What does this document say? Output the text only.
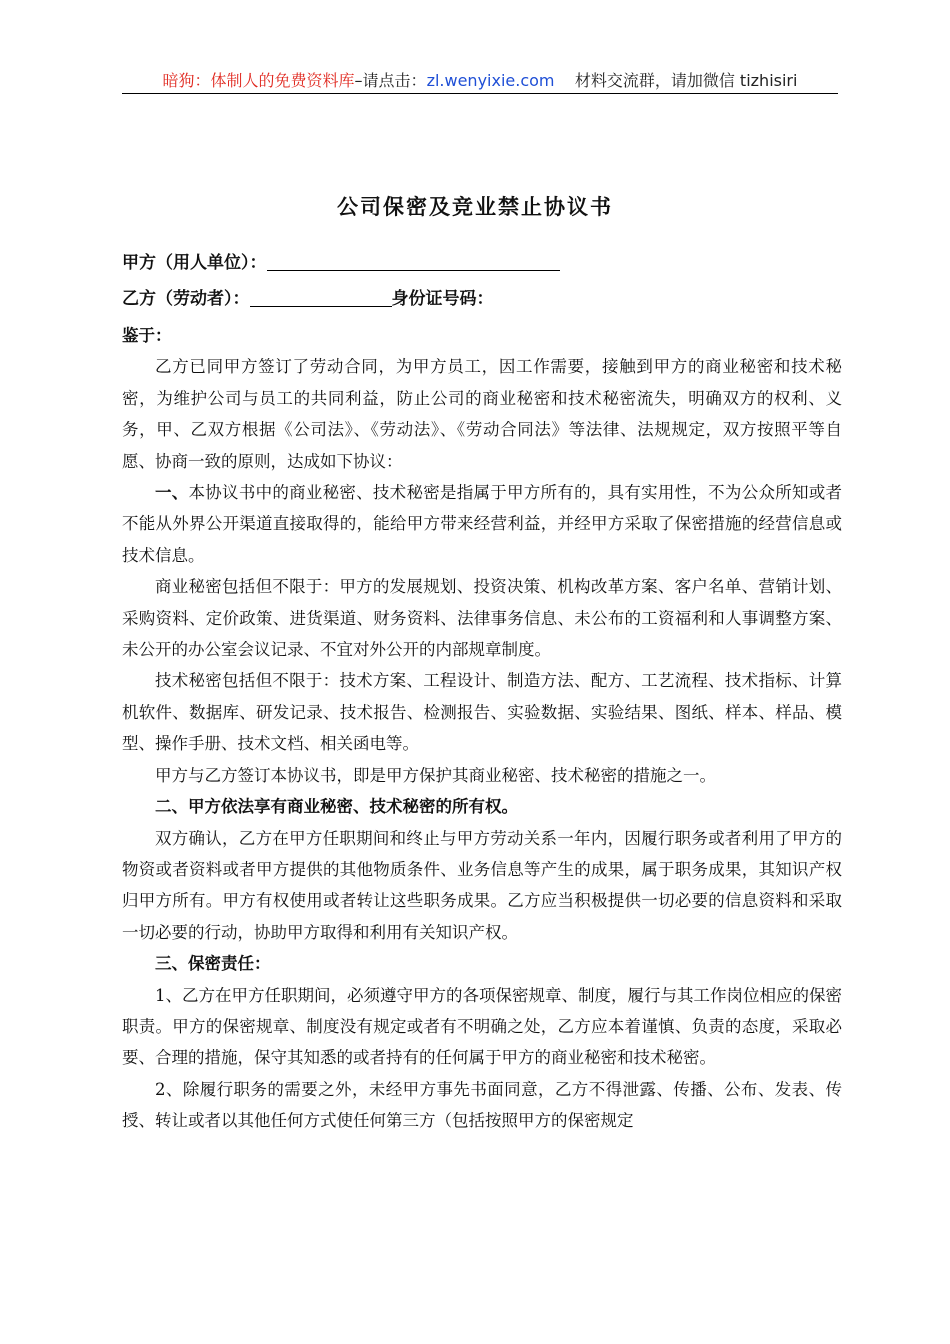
暗狗：体制人的免费资料库–请点击：zl.wenyixie.com 材料交流群，请加微信 tizhisiri
公司保密及竞业禁止协议书
甲方（用人单位）：
乙方（劳动者）：	身份证号码：

鉴于：

乙方已同甲方签订了劳动合同，为甲方员工，因工作需要，接触到甲方的商业秘密和技术秘密，为维护公司与员工的共同利益，防止公司的商业秘密和技术秘密流失，明确双方的权利、义务，甲、乙双方根据《公司法》、《劳动法》、《劳动合同法》等法律、法规规定，双方按照平等自愿、协商一致的原则，达成如下协议：

一、本协议书中的商业秘密、技术秘密是指属于甲方所有的，具有实用性，不为公众所知或者不能从外界公开渠道直接取得的，能给甲方带来经营利益，并经甲方采取了保密措施的经营信息或技术信息。

商业秘密包括但不限于：甲方的发展规划、投资决策、机构改革方案、客户名单、营销计划、采购资料、定价政策、进货渠道、财务资料、法律事务信息、未公布的工资福利和人事调整方案、未公开的办公室会议记录、不宜对外公开的内部规章制度。

技术秘密包括但不限于：技术方案、工程设计、制造方法、配方、工艺流程、技术指标、计算机软件、数据库、研发记录、技术报告、检测报告、实验数据、实验结果、图纸、样本、样品、模型、操作手册、技术文档、相关函电等。

甲方与乙方签订本协议书，即是甲方保护其商业秘密、技术秘密的措施之一。

二、甲方依法享有商业秘密、技术秘密的所有权。

双方确认，乙方在甲方任职期间和终止与甲方劳动关系一年内，因履行职务或者利用了甲方的物资或者资料或者甲方提供的其他物质条件、业务信息等产生的成果，属于职务成果，其知识产权归甲方所有。甲方有权使用或者转让这些职务成果。乙方应当积极提供一切必要的信息资料和采取一切必要的行动，协助甲方取得和利用有关知识产权。

三、保密责任：

1、乙方在甲方任职期间，必须遵守甲方的各项保密规章、制度，履行与其工作岗位相应的保密职责。甲方的保密规章、制度没有规定或者有不明确之处，乙方应本着谨慎、负责的态度，采取必要、合理的措施，保守其知悉的或者持有的任何属于甲方的商业秘密和技术秘密。

2、除履行职务的需要之外，未经甲方事先书面同意，乙方不得泄露、传播、公布、发表、传授、转让或者以其他任何方式使任何第三方（包括按照甲方的保密规定
